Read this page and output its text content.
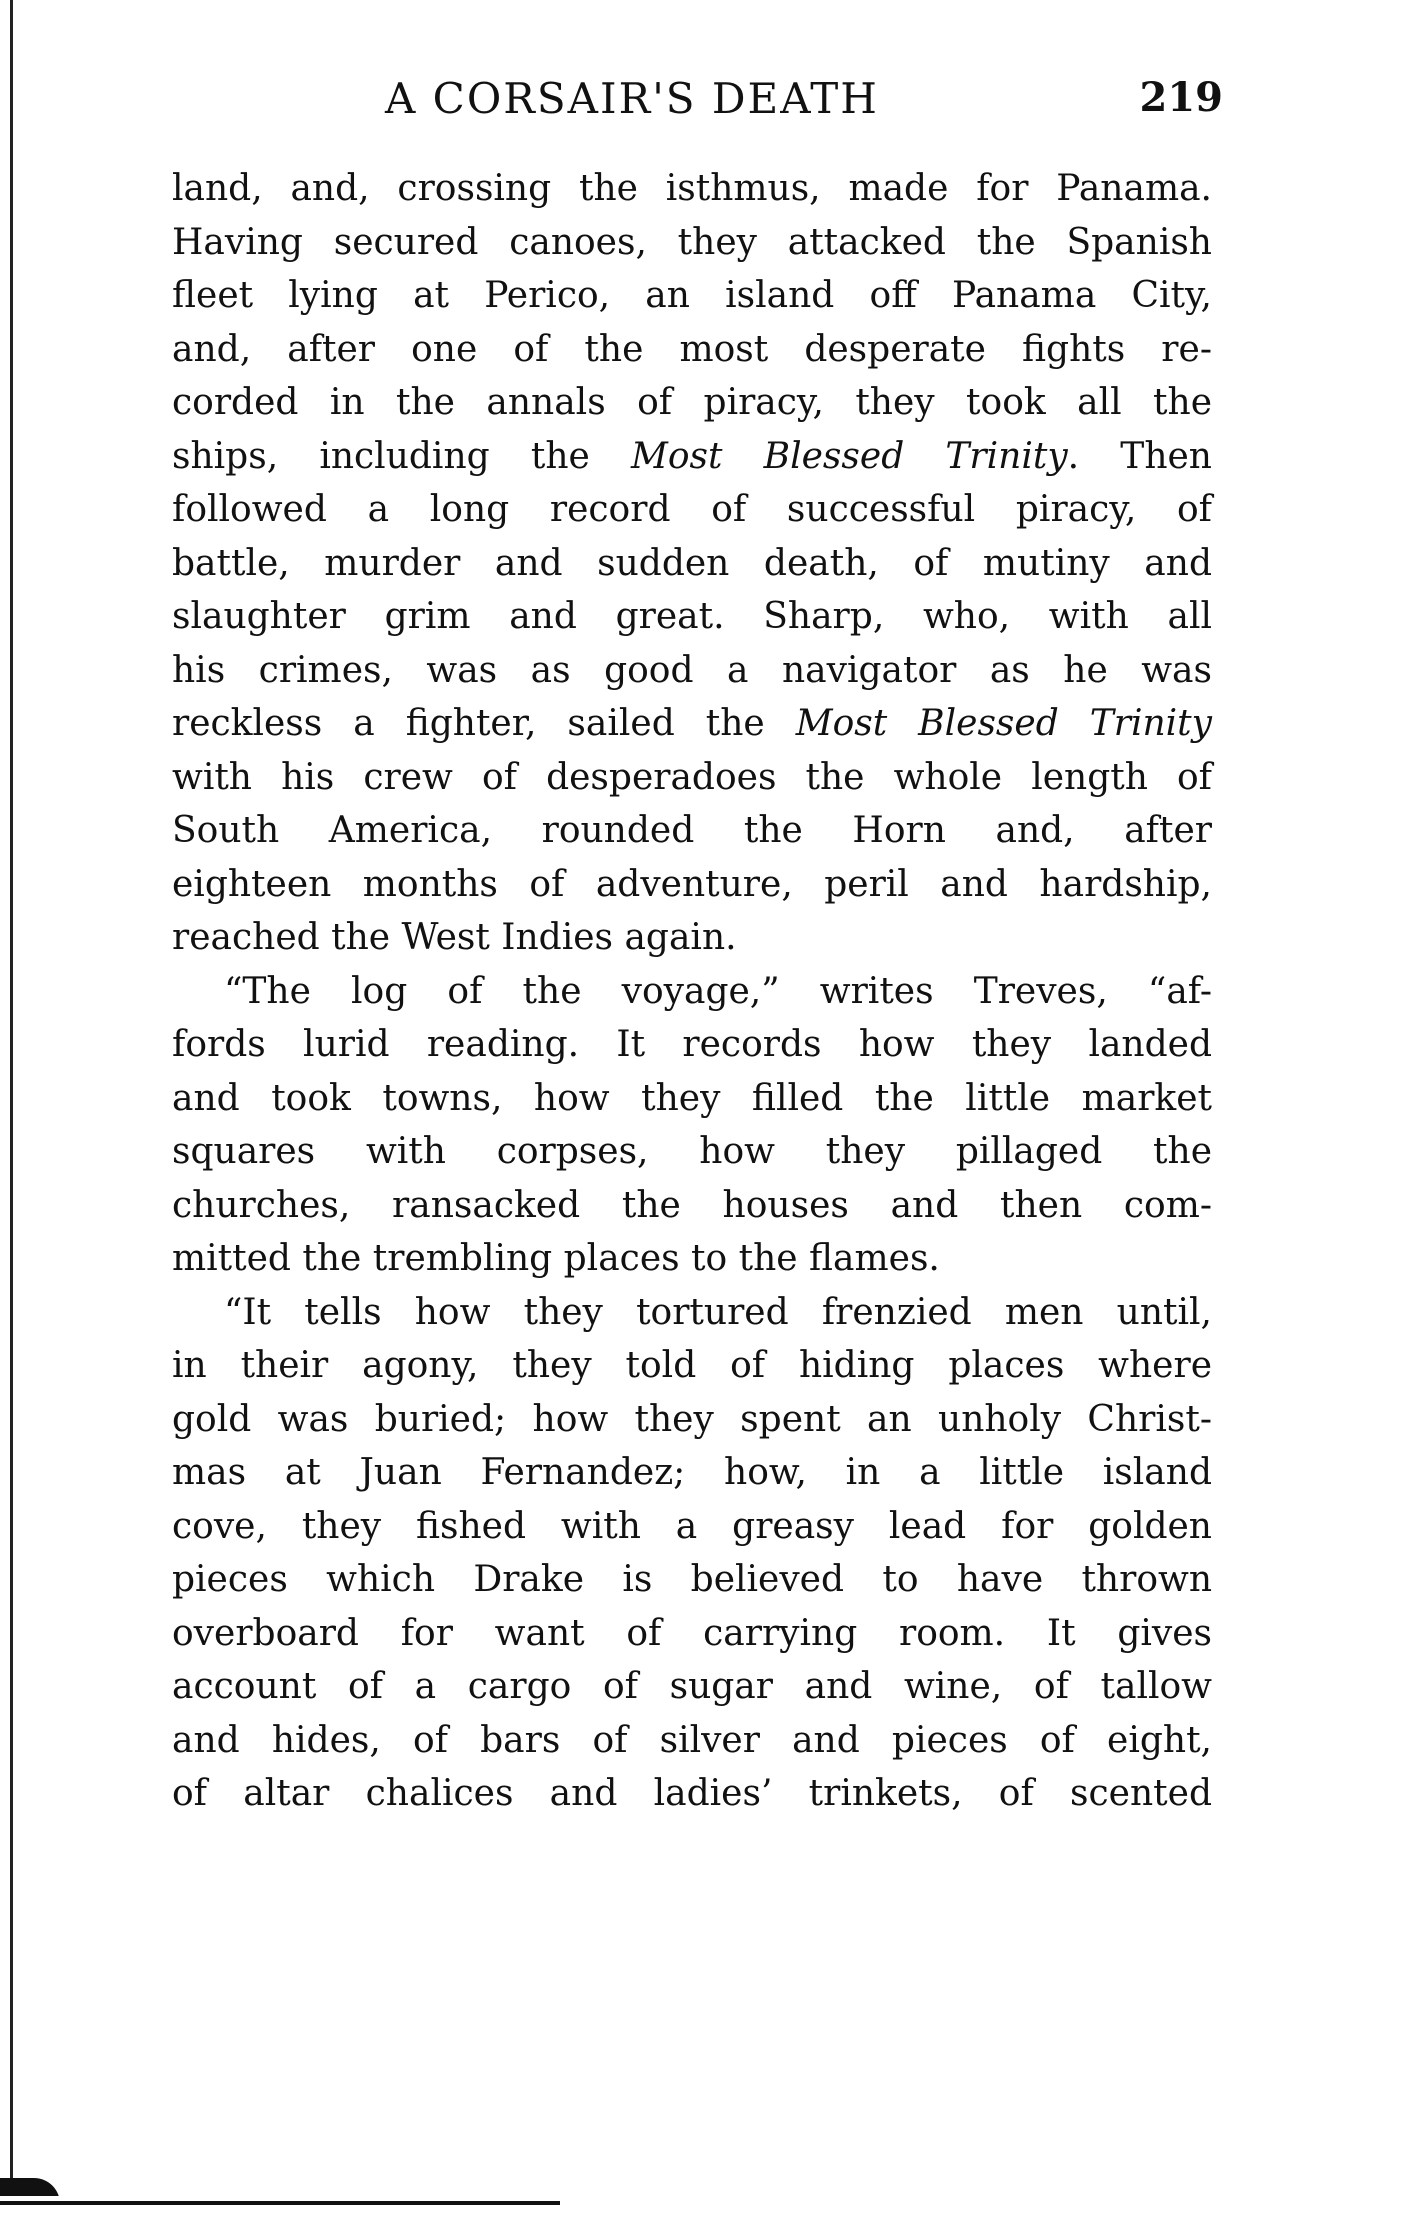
A CORSAIR'S DEATH	219
land, and, crossing the isthmus, made for Panama.
Having secured canoes, they attacked the Spanish
fleet lying at Perico, an island off Panama City,
and, after one of the most desperate fights re-
corded in the annals of piracy, they took all the
ships, including the Most Blessed Trinity. Then
followed a long record of successful piracy, of
battle, murder and sudden death, of mutiny and
slaughter grim and great. Sharp, who, with all
his crimes, was as good a navigator as he was
reckless a fighter, sailed the Most Blessed Trinity
with his crew of desperadoes the whole length of
South America, rounded the Horn and, after
eighteen months of adventure, peril and hardship,
reached the West Indies again.
“The log of the voyage,” writes Treves, “af-
fords lurid reading. It records how they landed
and took towns, how they filled the little market
squares with corpses, how they pillaged the
churches, ransacked the houses and then com-
mitted the trembling places to the flames.
“It tells how they tortured frenzied men until,
in their agony, they told of hiding places where
gold was buried; how they spent an unholy Christ-
mas at Juan Fernandez; how, in a little island
cove, they fished with a greasy lead for golden
pieces which Drake is believed to have thrown
overboard for want of carrying room. It gives
account of a cargo of sugar and wine, of tallow
and hides, of bars of silver and pieces of eight,
of altar chalices and ladies’ trinkets, of scented
